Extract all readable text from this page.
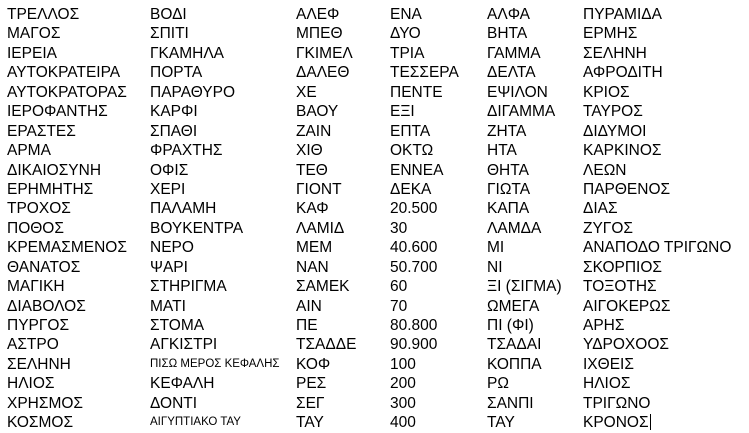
ΤΡΕΛΛΟΣ
ΜΑΓΟΣ
ΙΕΡΕΙΑ
ΑΥΤΟΚΡΑΤΕΙΡΑ
ΑΥΤΟΚΡΑΤΟΡΑΣ
ΙΕΡΟΦΑΝΤΗΣ
ΕΡΑΣΤΕΣ
ΑΡΜΑ
ΔΙΚΑΙΟΣΥΝΗ
ΕΡΗΜΗΤΗΣ
ΤΡΟΧΟΣ
ΠΟΘΟΣ
ΚΡΕΜΑΣΜΕΝΟΣ
ΘΑΝΑΤΟΣ
ΜΑΓΙΚΗ
ΔΙΑΒΟΛΟΣ
ΠΥΡΓΟΣ
ΑΣΤΡΟ
ΣΕΛΗΝΗ
ΗΛΙΟΣ
ΧΡΗΣΜΟΣ
ΚΟΣΜΟΣ
ΒΟΔΙ
ΣΠΙΤΙ
ΓΚΑΜΗΛΑ
ΠΟΡΤΑ
ΠΑΡΑΘΥΡΟ
ΚΑΡΦΙ
ΣΠΑΘΙ
ΦΡΑΧΤΗΣ
ΟΦΙΣ
ΧΕΡΙ
ΠΑΛΑΜΗ
ΒΟΥΚΕΝΤΡΑ
ΝΕΡΟ
ΨΑΡΙ
ΣΤΗΡΙΓΜΑ
ΜΑΤΙ
ΣΤΟΜΑ
ΑΓΚΙΣΤΡΙ
ΠΙΣΩ ΜΕΡΟΣ ΚΕΦΑΛΗΣ
ΚΕΦΑΛΗ
ΔΟΝΤΙ
ΑΙΓΥΠΤΙΑΚΟ ΤΑΥ
ΑΛΕΦ
ΜΠΕΘ
ΓΚΙΜΕΛ
ΔΑΛΕΘ
ΧΕ
ΒΑΟΥ
ΖΑΙΝ
ΧΙΘ
ΤΕΘ
ΓΙΟΝΤ
ΚΑΦ
ΛΑΜΙΔ
ΜΕΜ
ΝΑΝ
ΣΑΜΕΚ
ΑΙΝ
ΠΕ
ΤΣΑΔΔΕ
ΚΟΦ
ΡΕΣ
ΣΕΓ
ΤΑΥ
ΕΝΑ
ΔΥΟ
ΤΡΙΑ
ΤΕΣΣΕΡΑ
ΠΕΝΤΕ
ΕΞΙ
ΕΠΤΑ
ΟΚΤΩ
ΕΝΝΕΑ
ΔΕΚΑ
20.500
30
40.600
50.700
60
70
80.800
90.900
100
200
300
400
ΑΛΦΑ
ΒΗΤΑ
ΓΑΜΜΑ
ΔΕΛΤΑ
ΕΨΙΛΟΝ
ΔΙΓΑΜΜΑ
ΖΗΤΑ
ΗΤΑ
ΘΗΤΑ
ΓΙΩΤΑ
ΚΑΠΑ
ΛΑΜΔΑ
ΜΙ
ΝΙ
ΞΙ (ΣΙΓΜΑ)
ΩΜΕΓΑ
ΠΙ (ΦΙ)
ΤΣΑΔΑΙ
ΚΟΠΠΑ
ΡΩ
ΣΑΝΠΙ
ΤΑΥ
ΠΥΡΑΜΙΔΑ
ΕΡΜΗΣ
ΣΕΛΗΝΗ
ΑΦΡΟΔΙΤΗ
ΚΡΙΟΣ
ΤΑΥΡΟΣ
ΔΙΔΥΜΟΙ
ΚΑΡΚΙΝΟΣ
ΛΕΩΝ
ΠΑΡΘΕΝΟΣ
ΔΙΑΣ
ΖΥΓΟΣ
ΑΝΑΠΟΔΟ ΤΡΙΓΩΝΟ
ΣΚΟΡΠΙΟΣ
ΤΟΞΟΤΗΣ
ΑΙΓΟΚΕΡΩΣ
ΑΡΗΣ
ΥΔΡΟΧΟΟΣ
ΙΧΘΕΙΣ
ΗΛΙΟΣ
ΤΡΙΓΩΝΟ
ΚΡΟΝΟΣ
